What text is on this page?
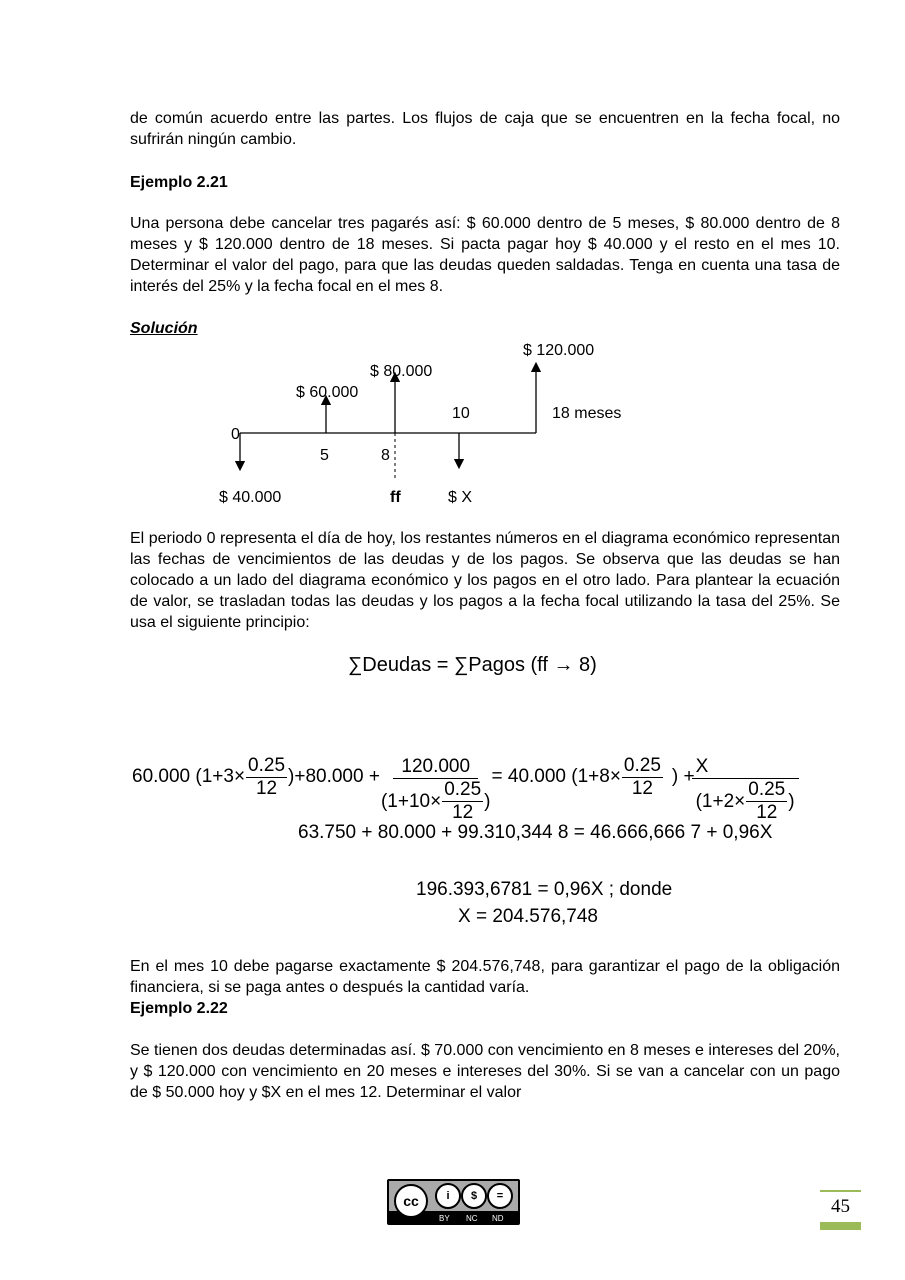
de común acuerdo entre las partes. Los flujos de caja que se encuentren en la fecha focal, no sufrirán ningún cambio.
Ejemplo 2.21
Una persona debe cancelar tres pagarés así: $ 60.000 dentro de 5 meses, $ 80.000 dentro de 8 meses y $ 120.000 dentro de 18 meses. Si pacta pagar hoy $ 40.000 y el resto en el mes 10. Determinar el valor del pago, para que las deudas queden saldadas. Tenga en cuenta una tasa de interés del 25% y la fecha focal en el mes 8.
Solución
$ 120.000
$ 80.000
$ 60.000
10	18 meses
0
5	8
$ 40.000	ff	$ X
El periodo 0 representa el día de hoy, los restantes números en el diagrama económico representan las fechas de vencimientos de las deudas y de los pagos. Se observa que las deudas se han colocado a un lado del diagrama económico y los pagos en el otro lado. Para plantear la ecuación de valor, se trasladan todas las deudas y los pagos a la fecha focal utilizando la tasa del 25%. Se usa el siguiente principio:
∑Deudas = ∑Pagos (ff → 8)
60.000 $(1+3\times \frac{0.25}{12} )+80.000 + \frac{120.000}{(1+10\times \frac{0.25}{12} )} = 40.000$ ($1+8\times \frac{0.25}{12}$ ) + $\frac{X}{(1+2\times \frac{0.25}{12} )}$
63.750 + 80.000 + 99.310,344 8 = 46.666,666 7 + 0,96X
196.393,6781 = 0,96X ; donde
X = 204.576,748
En el mes 10 debe pagarse exactamente $ 204.576,748, para garantizar el pago de la obligación financiera, si se paga antes o después la cantidad varía.
Ejemplo 2.22
Se tienen dos deudas determinadas así. $ 70.000 con vencimiento en 8 meses e intereses del 20%, y $ 120.000 con vencimiento en 20 meses e intereses del 30%. Si se van a cancelar con un pago de $ 50.000 hoy y $X en el mes 12. Determinar el valor
cc	i	$	=
BY NC ND
45
